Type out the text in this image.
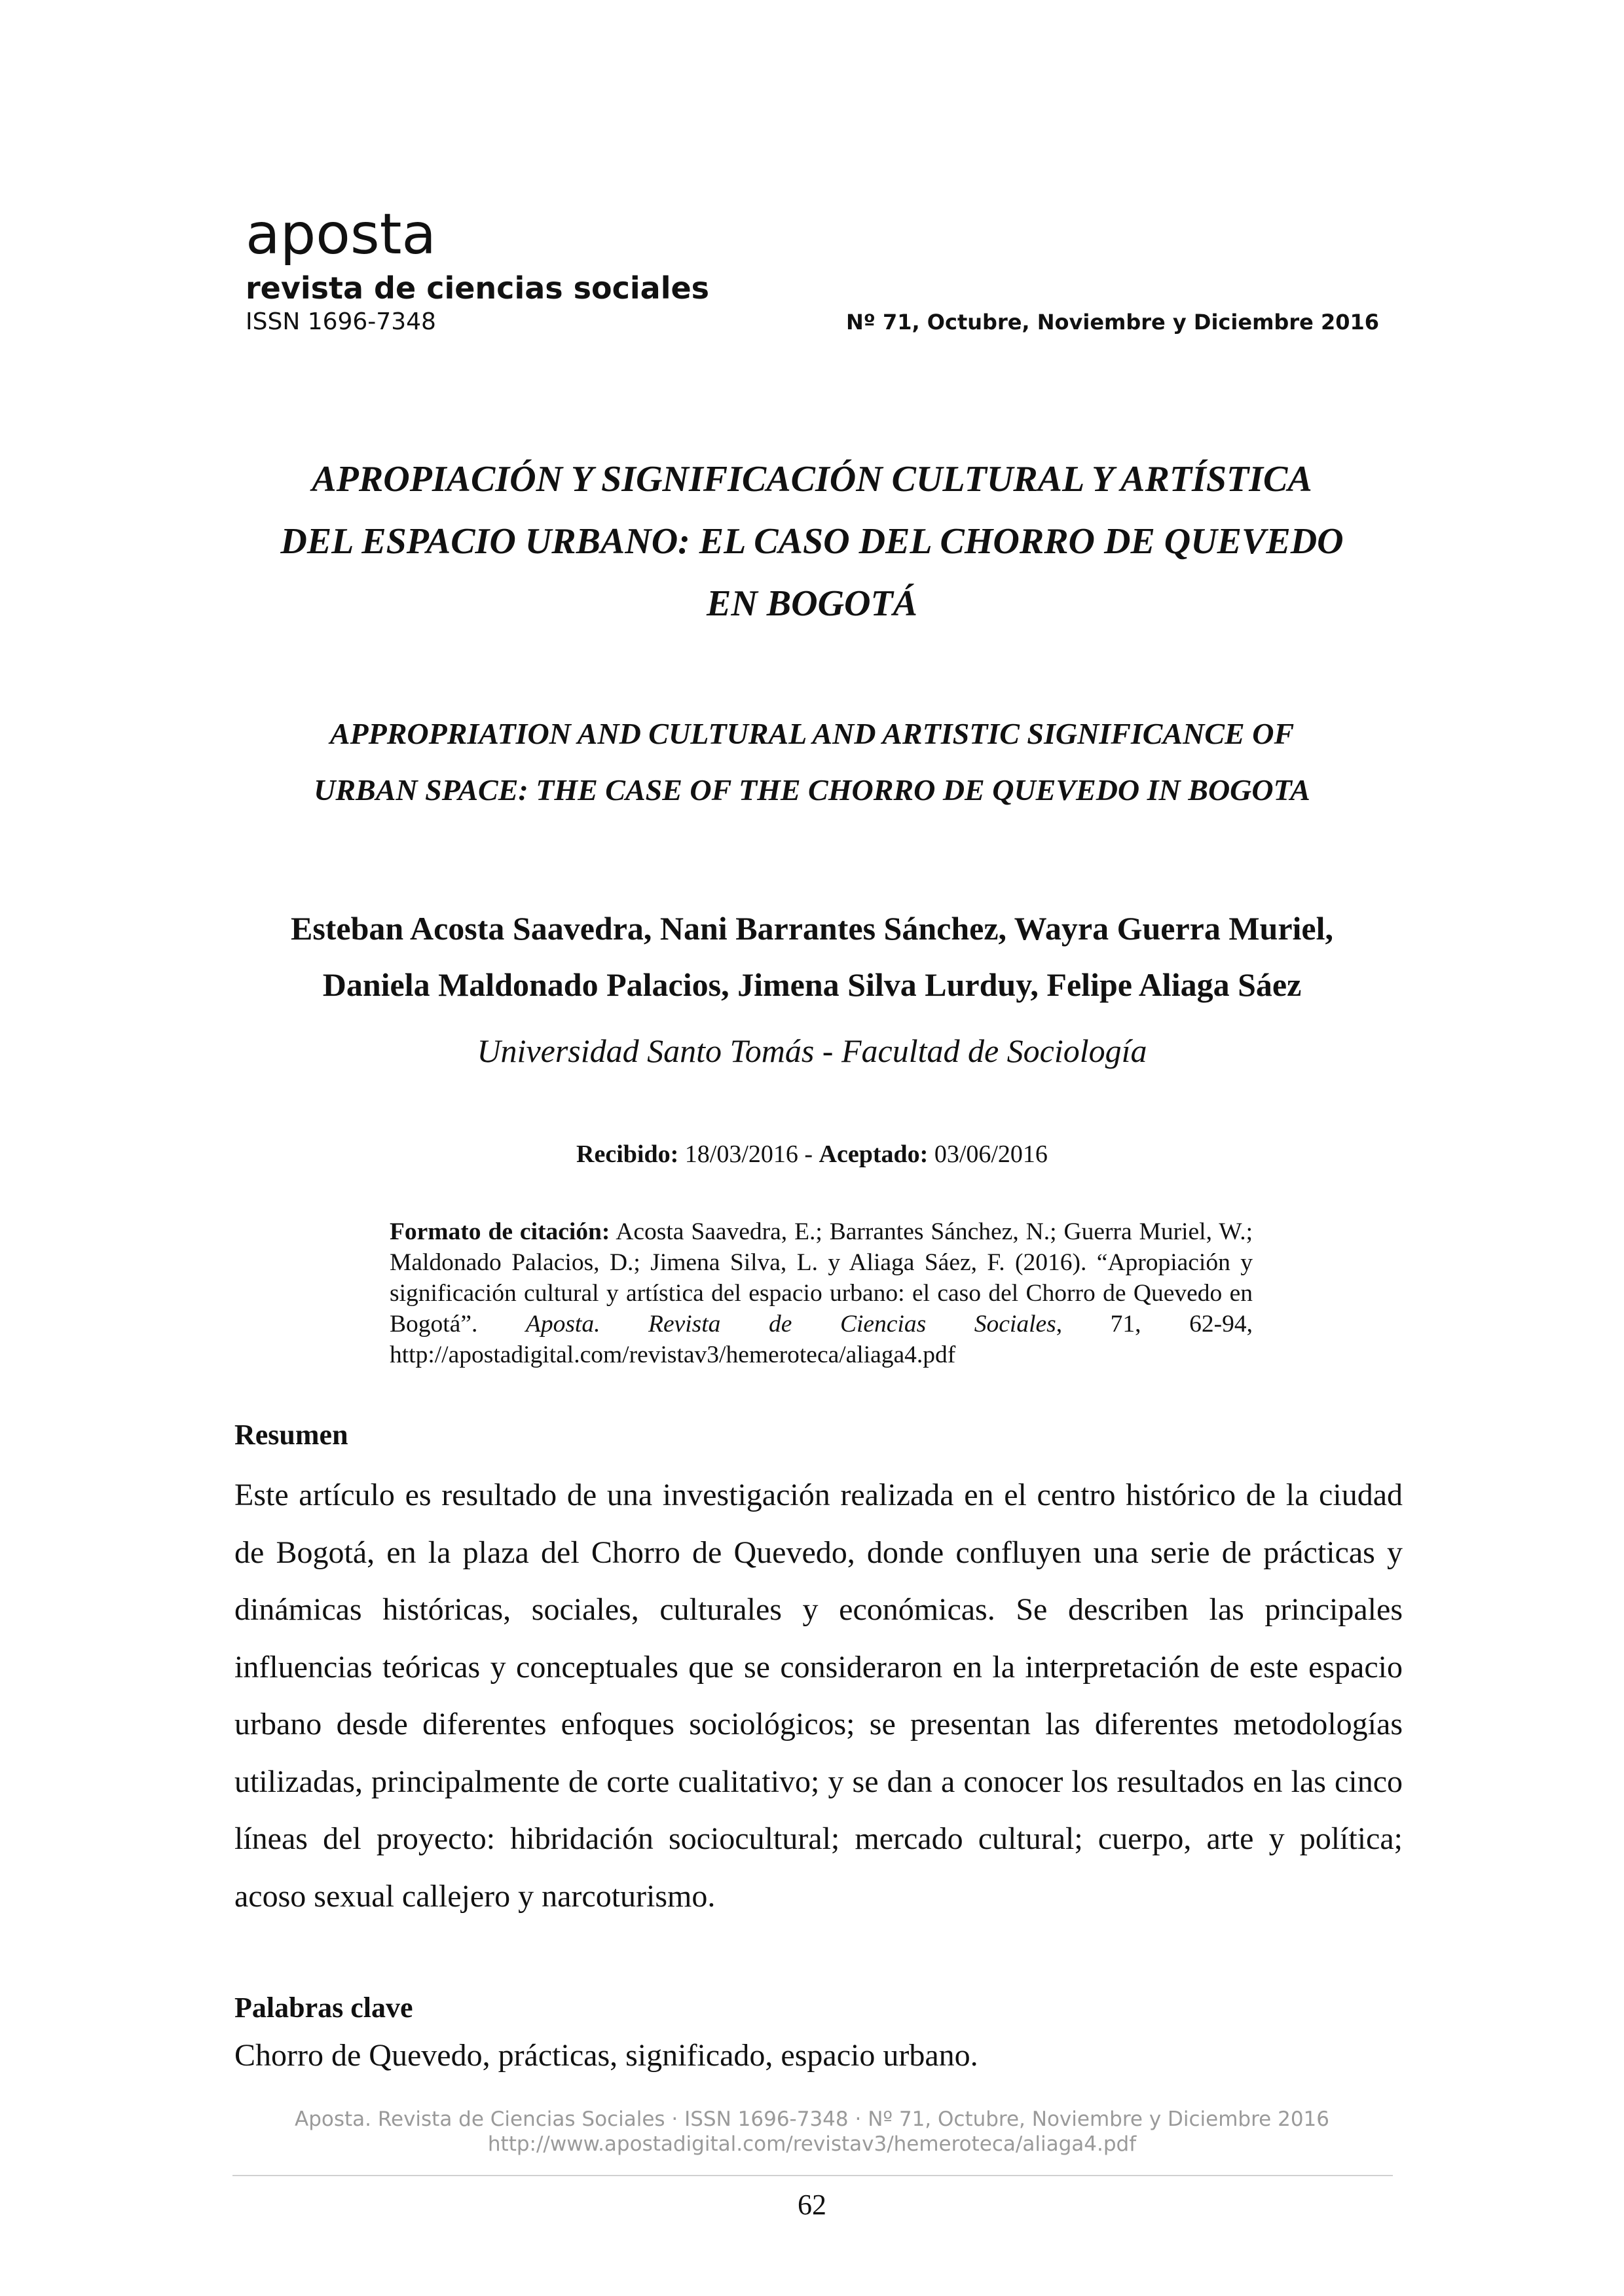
aposta
revista de ciencias sociales
ISSN 1696-7348	Nº 71, Octubre, Noviembre y Diciembre 2016
APROPIACIÓN Y SIGNIFICACIÓN CULTURAL Y ARTÍSTICA
DEL ESPACIO URBANO: EL CASO DEL CHORRO DE QUEVEDO
EN BOGOTÁ
APPROPRIATION AND CULTURAL AND ARTISTIC SIGNIFICANCE OF
URBAN SPACE: THE CASE OF THE CHORRO DE QUEVEDO IN BOGOTA
Esteban Acosta Saavedra, Nani Barrantes Sánchez, Wayra Guerra Muriel,
Daniela Maldonado Palacios, Jimena Silva Lurduy, Felipe Aliaga Sáez
Universidad Santo Tomás - Facultad de Sociología
Recibido: 18/03/2016 - Aceptado: 03/06/2016
Formato de citación: Acosta Saavedra, E.; Barrantes Sánchez, N.; Guerra Muriel, W.; Maldonado Palacios, D.; Jimena Silva, L. y Aliaga Sáez, F. (2016). “Apropiación y significación cultural y artística del espacio urbano: el caso del Chorro de Quevedo en Bogotá”. Aposta. Revista de Ciencias Sociales, 71, 62-94, http://apostadigital.com/revistav3/hemeroteca/aliaga4.pdf
Resumen
Este artículo es resultado de una investigación realizada en el centro histórico de la ciudad de Bogotá, en la plaza del Chorro de Quevedo, donde confluyen una serie de prácticas y dinámicas históricas, sociales, culturales y económicas. Se describen las principales influencias teóricas y conceptuales que se consideraron en la interpretación de este espacio urbano desde diferentes enfoques sociológicos; se presentan las diferentes metodologías utilizadas, principalmente de corte cualitativo; y se dan a conocer los resultados en las cinco líneas del proyecto: hibridación sociocultural; mercado cultural; cuerpo, arte y política; acoso sexual callejero y narcoturismo.
Palabras clave
Chorro de Quevedo, prácticas, significado, espacio urbano.
Aposta. Revista de Ciencias Sociales · ISSN 1696-7348 · Nº 71, Octubre, Noviembre y Diciembre 2016
http://www.apostadigital.com/revistav3/hemeroteca/aliaga4.pdf
62
